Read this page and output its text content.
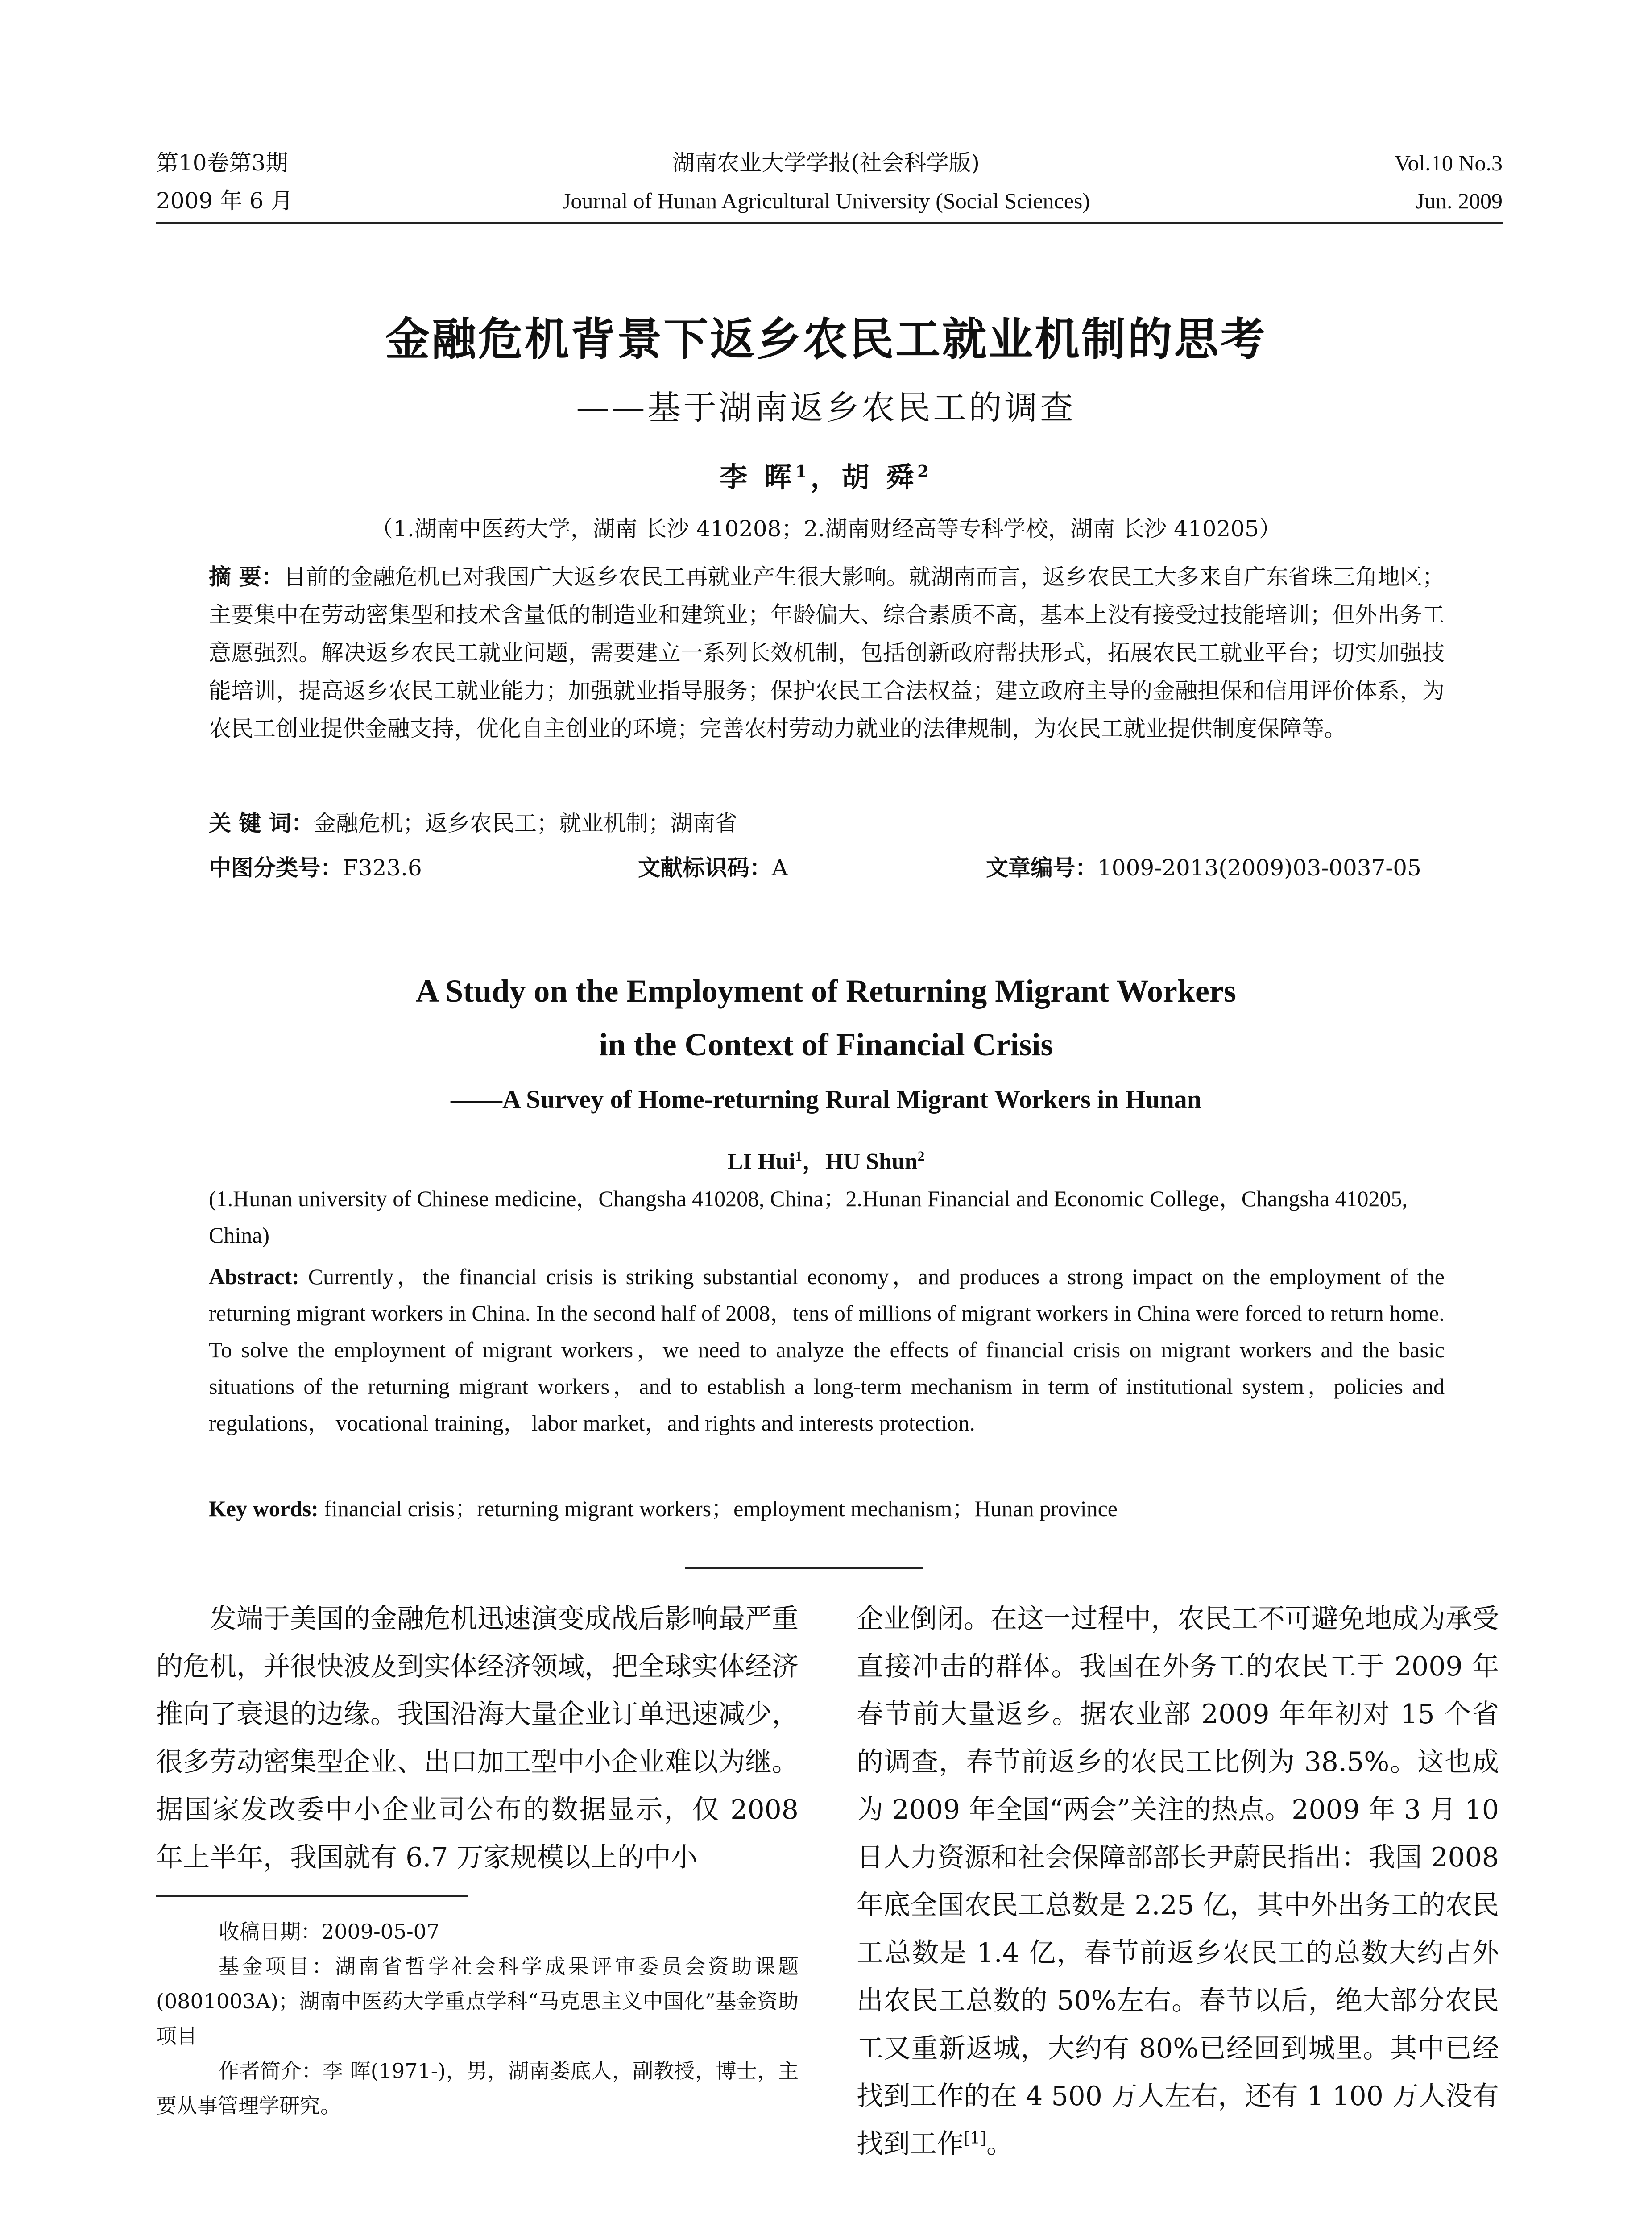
第10卷第3期
2009 年 6 月
湖南农业大学学报(社会科学版)
Journal of Hunan Agricultural University (Social Sciences)
Vol.10 No.3
Jun. 2009
金融危机背景下返乡农民工就业机制的思考
——基于湖南返乡农民工的调查
李 晖$^1$，胡 舜$^2$
（1.湖南中医药大学，湖南 长沙 410208；2.湖南财经高等专科学校，湖南 长沙 410205）
摘 要：目前的金融危机已对我国广大返乡农民工再就业产生很大影响。就湖南而言，返乡农民工大多来自广东省珠三角地区；主要集中在劳动密集型和技术含量低的制造业和建筑业；年龄偏大、综合素质不高，基本上没有接受过技能培训；但外出务工意愿强烈。解决返乡农民工就业问题，需要建立一系列长效机制，包括创新政府帮扶形式，拓展农民工就业平台；切实加强技能培训，提高返乡农民工就业能力；加强就业指导服务；保护农民工合法权益；建立政府主导的金融担保和信用评价体系，为农民工创业提供金融支持，优化自主创业的环境；完善农村劳动力就业的法律规制，为农民工就业提供制度保障等。
关 键 词：金融危机；返乡农民工；就业机制；湖南省
中图分类号：F323.6	文献标识码：A	文章编号：1009-2013(2009)03-0037-05
A Study on the Employment of Returning Migrant Workers
in the Context of Financial Crisis
——A Survey of Home-returning Rural Migrant Workers in Hunan
LI Hui$^1$，HU Shun$^2$
(1.Hunan university of Chinese medicine，Changsha 410208, China；2.Hunan Financial and Economic College，Changsha 410205, China)
Abstract: Currently，the financial crisis is striking substantial economy，and produces a strong impact on the employment of the returning migrant workers in China. In the second half of 2008，tens of millions of migrant workers in China were forced to return home. To solve the employment of migrant workers，we need to analyze the effects of financial crisis on migrant workers and the basic situations of the returning migrant workers，and to establish a long-term mechanism in term of institutional system，policies and regulations， vocational training， labor market，and rights and interests protection.
Key words: financial crisis；returning migrant workers；employment mechanism；Hunan province
发端于美国的金融危机迅速演变成战后影响最严重的危机，并很快波及到实体经济领域，把全球实体经济推向了衰退的边缘。我国沿海大量企业订单迅速减少，很多劳动密集型企业、出口加工型中小企业难以为继。据国家发改委中小企业司公布的数据显示，仅 2008 年上半年，我国就有 6.7 万家规模以上的中小
企业倒闭。在这一过程中，农民工不可避免地成为承受直接冲击的群体。我国在外务工的农民工于 2009 年春节前大量返乡。据农业部 2009 年年初对 15 个省的调查，春节前返乡的农民工比例为 38.5%。这也成为 2009 年全国“两会”关注的热点。2009 年 3 月 10 日人力资源和社会保障部部长尹蔚民指出：我国 2008 年底全国农民工总数是 2.25 亿，其中外出务工的农民工总数是 1.4 亿，春节前返乡农民工的总数大约占外出农民工总数的 50%左右。春节以后，绝大部分农民工又重新返城，大约有 80%已经回到城里。其中已经找到工作的在 4 500 万人左右，还有 1 100 万人没有找到工作[1]。
收稿日期：2009-05-07
基金项目：湖南省哲学社会科学成果评审委员会资助课题(0801003A)；湖南中医药大学重点学科“马克思主义中国化”基金资助项目
作者简介：李 晖(1971-)，男，湖南娄底人，副教授，博士，主要从事管理学研究。
